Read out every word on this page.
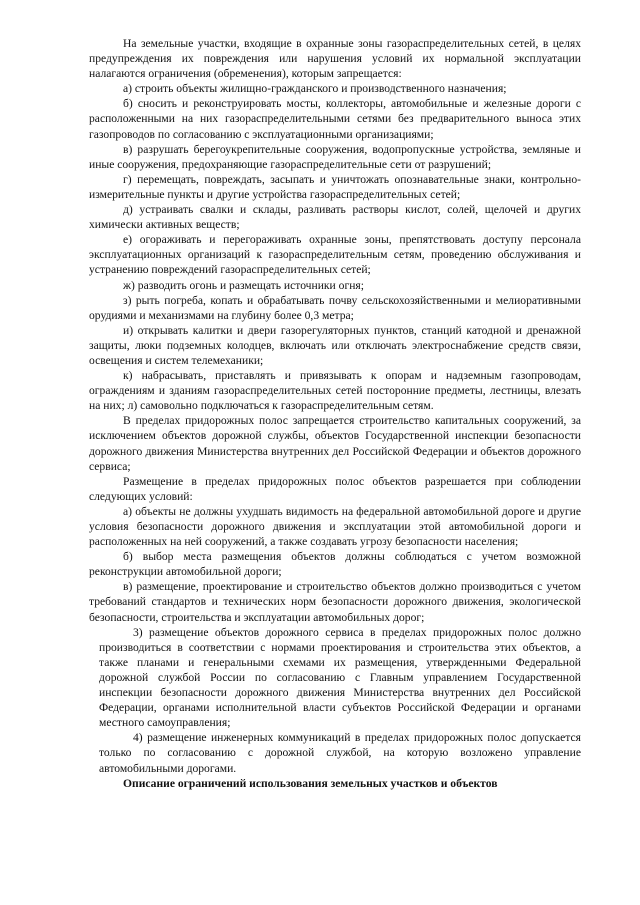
На земельные участки, входящие в охранные зоны газораспределительных сетей, в целях предупреждения их повреждения или нарушения условий их нормальной эксплуатации налагаются ограничения (обременения), которым запрещается:

а) строить объекты жилищно-гражданского и производственного назначения;

б) сносить и реконструировать мосты, коллекторы, автомобильные и железные дороги с расположенными на них газораспределительными сетями без предварительного выноса этих газопроводов по согласованию с эксплуатационными организациями;

в) разрушать берегоукрепительные сооружения, водопропускные устройства, земляные и иные сооружения, предохраняющие газораспределительные сети от разрушений;

г) перемещать, повреждать, засыпать и уничтожать опознавательные знаки, контрольно-измерительные пункты и другие устройства газораспределительных сетей;

д) устраивать свалки и склады, разливать растворы кислот, солей, щелочей и других химически активных веществ;

е) огораживать и перегораживать охранные зоны, препятствовать доступу персонала эксплуатационных организаций к газораспределительным сетям, проведению обслуживания и устранению повреждений газораспределительных сетей;

ж) разводить огонь и размещать источники огня;

з) рыть погреба, копать и обрабатывать почву сельскохозяйственными и мелиоративными орудиями и механизмами на глубину более 0,3 метра;

и) открывать калитки и двери газорегуляторных пунктов, станций катодной и дренажной защиты, люки подземных колодцев, включать или отключать электроснабжение средств связи, освещения и систем телемеханики;

к) набрасывать, приставлять и привязывать к опорам и надземным газопроводам, ограждениям и зданиям газораспределительных сетей посторонние предметы, лестницы, влезать на них; л) самовольно подключаться к газораспределительным сетям.

В пределах придорожных полос запрещается строительство капитальных сооружений, за исключением объектов дорожной службы, объектов Государственной инспекции безопасности дорожного движения Министерства внутренних дел Российской Федерации и объектов дорожного сервиса;

Размещение в пределах придорожных полос объектов разрешается при соблюдении следующих условий:

а) объекты не должны ухудшать видимость на федеральной автомобильной дороге и другие условия безопасности дорожного движения и эксплуатации этой автомобильной дороги и расположенных на ней сооружений, а также создавать угрозу безопасности населения;

б) выбор места размещения объектов должны соблюдаться с учетом возможной реконструкции автомобильной дороги;

в) размещение, проектирование и строительство объектов должно производиться с учетом требований стандартов и технических норм безопасности дорожного движения, экологической безопасности, строительства и эксплуатации автомобильных дорог;

3) размещение объектов дорожного сервиса в пределах придорожных полос должно производиться в соответствии с нормами проектирования и строительства этих объектов, а также планами и генеральными схемами их размещения, утвержденными Федеральной дорожной службой России по согласованию с Главным управлением Государственной инспекции безопасности дорожного движения Министерства внутренних дел Российской Федерации, органами исполнительной власти субъектов Российской Федерации и органами местного самоуправления;

4) размещение инженерных коммуникаций в пределах придорожных полос допускается только по согласованию с дорожной службой, на которую возложено управление автомобильными дорогами.

Описание ограничений использования земельных участков и объектов
